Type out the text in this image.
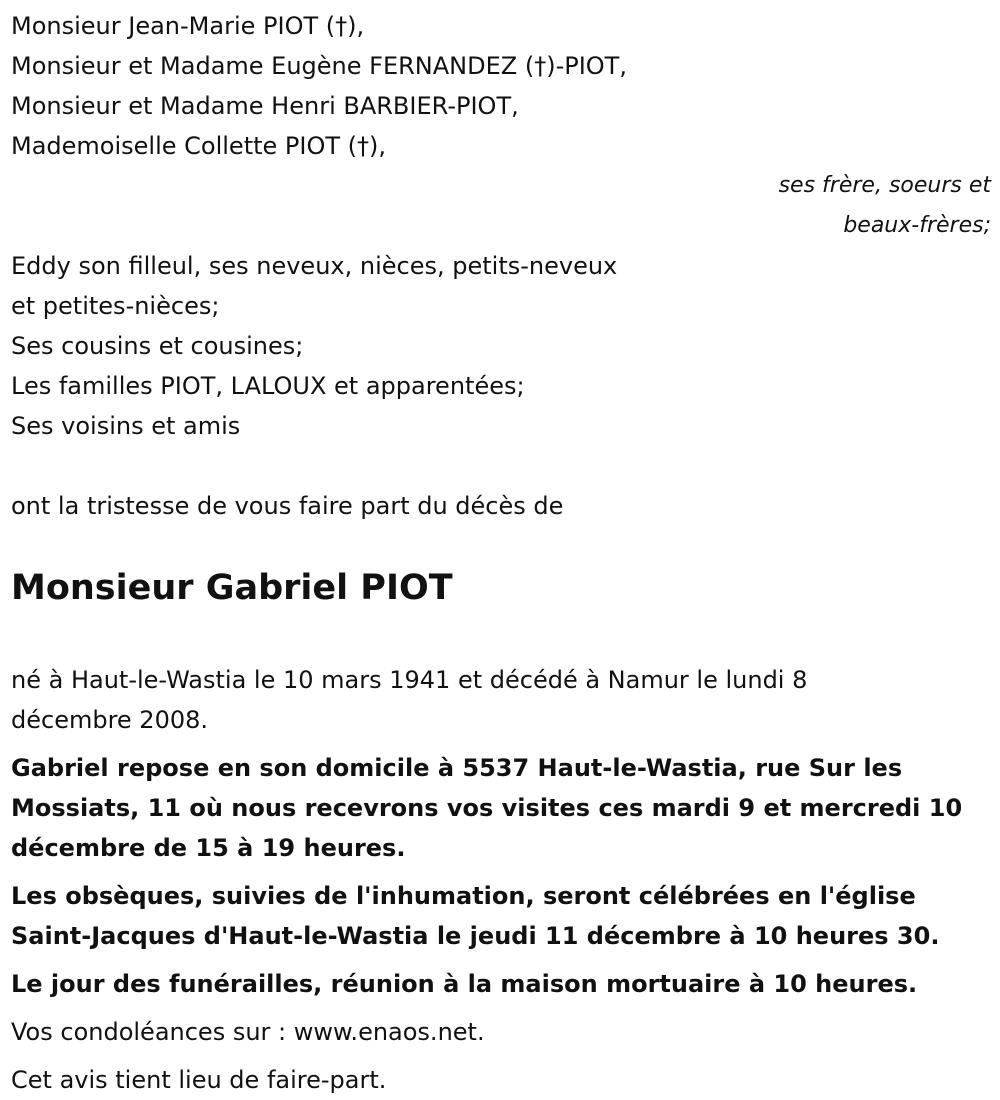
Monsieur Jean-Marie PIOT (†),
Monsieur et Madame Eugène FERNANDEZ (†)-PIOT,
Monsieur et Madame Henri BARBIER-PIOT,
Mademoiselle Collette PIOT (†),
ses frère, soeurs et
beaux-frères;
Eddy son filleul, ses neveux, nièces, petits-neveux
et petites-nièces;
Ses cousins et cousines;
Les familles PIOT, LALOUX et apparentées;
Ses voisins et amis
ont la tristesse de vous faire part du décès de
Monsieur Gabriel PIOT
né à Haut-le-Wastia le 10 mars 1941 et décédé à Namur le lundi 8
décembre 2008.
Gabriel repose en son domicile à 5537 Haut-le-Wastia, rue Sur les
Mossiats, 11 où nous recevrons vos visites ces mardi 9 et mercredi 10
décembre de 15 à 19 heures.
Les obsèques, suivies de l'inhumation, seront célébrées en l'église
Saint-Jacques d'Haut-le-Wastia le jeudi 11 décembre à 10 heures 30.
Le jour des funérailles, réunion à la maison mortuaire à 10 heures.
Vos condoléances sur : www.enaos.net.
Cet avis tient lieu de faire-part.
